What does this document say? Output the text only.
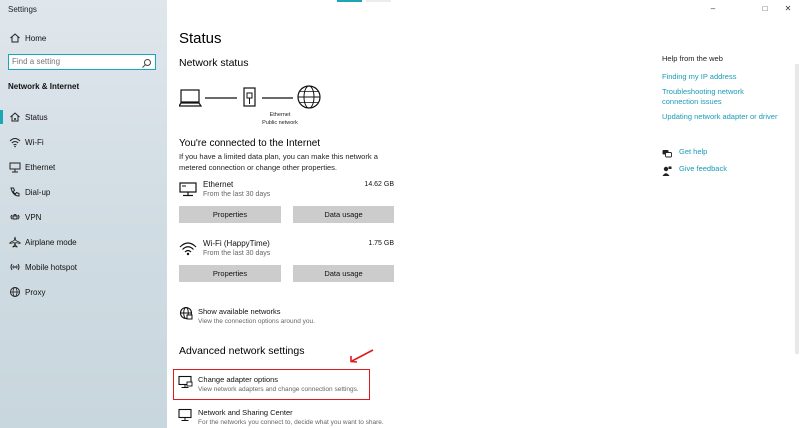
Settings
Home
Find a setting
Network & Internet
Status
Wi-Fi
Ethernet
Dial-up
VPN
Airplane mode
Mobile hotspot
Proxy
–	□	✕
Status
Network status
Ethernet
Public network
You're connected to the Internet
If you have a limited data plan, you can make this network a metered connection or change other properties.
Ethernet
From the last 30 days
14.62 GB
Properties	Data usage
Wi-Fi (HappyTime)
From the last 30 days
1.75 GB
Properties	Data usage
Show available networks
View the connection options around you.
Advanced network settings
Change adapter options
View network adapters and change connection settings.
Network and Sharing Center
For the networks you connect to, decide what you want to share.
Help from the web
Finding my IP address
Troubleshooting network connection issues
Updating network adapter or driver
Get help
Give feedback
